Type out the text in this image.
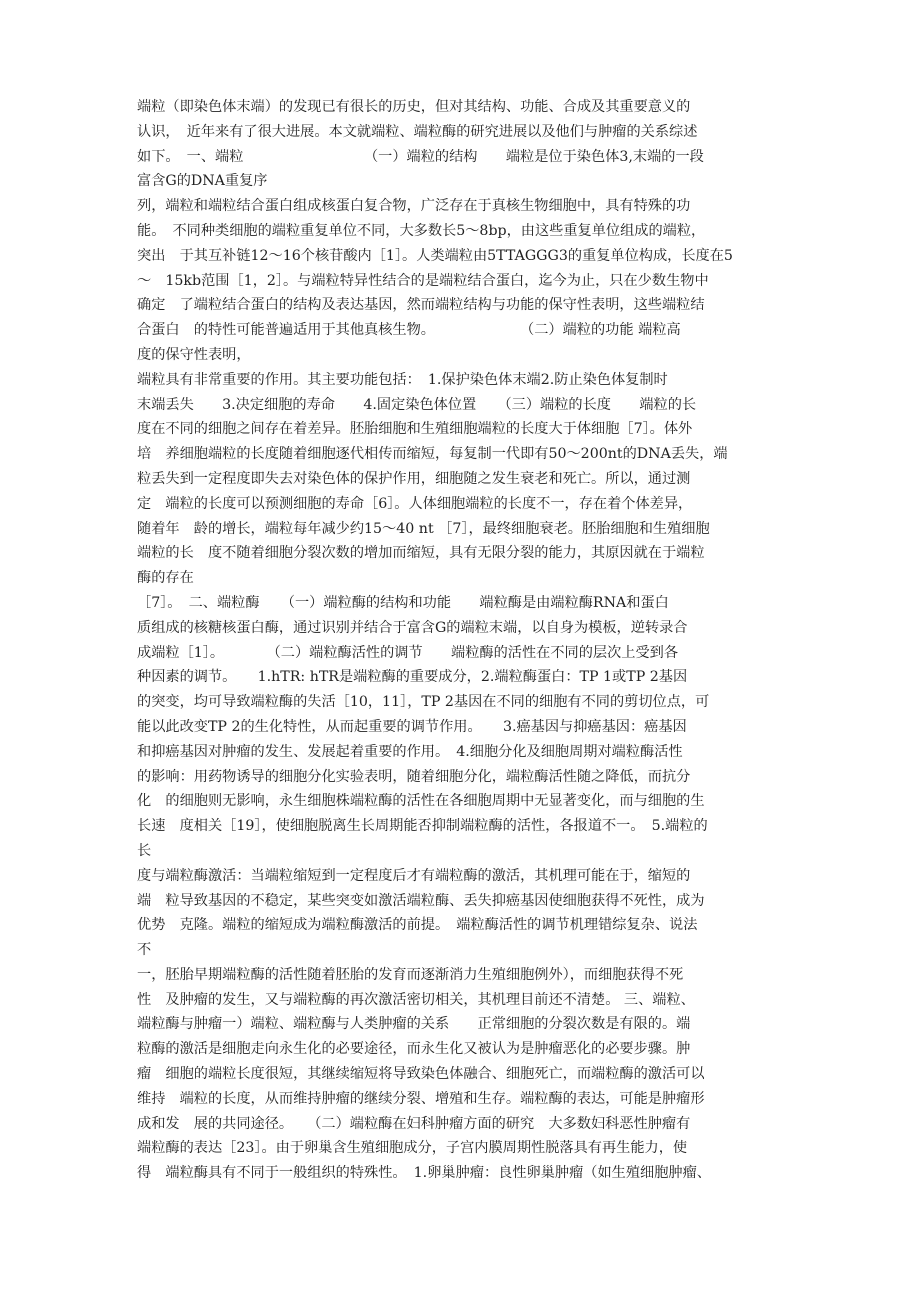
端粒（即染色体末端）的发现已有很长的历史，但对其结构、功能、合成及其重要意义的
认识，　近年来有了很大进展。本文就端粒、端粒酶的研究进展以及他们与肿瘤的关系综述
如下。　一、端粒　　　　　　　　　（一）端粒的结构　　端粒是位于染色体3,末端的一段
富含G的DNA重复序
列，端粒和端粒结合蛋白组成核蛋白复合物，广泛存在于真核生物细胞中，具有特殊的功
能。　不同种类细胞的端粒重复单位不同，大多数长5～8bp，由这些重复单位组成的端粒，
突出　于其互补链12～16个核苷酸内［1］。人类端粒由5TTAGGG3的重复单位构成，长度在5
～　15kb范围［1，2］。与端粒特异性结合的是端粒结合蛋白，迄今为止，只在少数生物中
确定　了端粒结合蛋白的结构及表达基因，然而端粒结构与功能的保守性表明，这些端粒结
合蛋白　的特性可能普遍适用于其他真核生物。　　　　　　　（二）端粒的功能 端粒高
度的保守性表明，
端粒具有非常重要的作用。其主要功能包括：　1.保护染色体末端2.防止染色体复制时
末端丢失　　3.决定细胞的寿命　　4.固定染色体位置　　（三）端粒的长度　　端粒的长
度在不同的细胞之间存在着差异。胚胎细胞和生殖细胞端粒的长度大于体细胞［7］。体外
培　养细胞端粒的长度随着细胞逐代相传而缩短，每复制一代即有50～200nt的DNA丢失，端
粒丢失到一定程度即失去对染色体的保护作用，细胞随之发生衰老和死亡。所以，通过测
定　端粒的长度可以预测细胞的寿命［6］。人体细胞端粒的长度不一，存在着个体差异，
随着年　龄的增长，端粒每年减少约15～40 nt ［7］，最终细胞衰老。胚胎细胞和生殖细胞
端粒的长　度不随着细胞分裂次数的增加而缩短，具有无限分裂的能力，其原因就在于端粒
酶的存在
［7］。　二、端粒酶　　（一）端粒酶的结构和功能　　端粒酶是由端粒酶RNA和蛋白
质组成的核糖核蛋白酶，通过识别并结合于富含G的端粒末端，以自身为模板，逆转录合
成端粒［1］。　　　　（二）端粒酶活性的调节　　端粒酶的活性在不同的层次上受到各
种因素的调节。　　1.hTR: hTR是端粒酶的重要成分，2.端粒酶蛋白：TP 1或TP 2基因
的突变，均可导致端粒酶的失活［10，11］，TP 2基因在不同的细胞有不同的剪切位点，可
能以此改变TP 2的生化特性，从而起重要的调节作用。　　3.癌基因与抑癌基因：癌基因
和抑癌基因对肿瘤的发生、发展起着重要的作用。　4.细胞分化及细胞周期对端粒酶活性
的影响：用药物诱导的细胞分化实验表明，随着细胞分化，端粒酶活性随之降低，而抗分
化　的细胞则无影响，永生细胞株端粒酶的活性在各细胞周期中无显著变化，而与细胞的生
长速　度相关［19］，使细胞脱离生长周期能否抑制端粒酶的活性，各报道不一。　5.端粒的
长
度与端粒酶激活：当端粒缩短到一定程度后才有端粒酶的激活，其机理可能在于，缩短的
端　粒导致基因的不稳定，某些突变如激活端粒酶、丢失抑癌基因使细胞获得不死性，成为
优势　克隆。端粒的缩短成为端粒酶激活的前提。　端粒酶活性的调节机理错综复杂、说法
不
一，胚胎早期端粒酶的活性随着胚胎的发育而逐渐消力生殖细胞例外），而细胞获得不死
性　及肿瘤的发生，又与端粒酶的再次激活密切相关，其机理目前还不清楚。 三、端粒、
端粒酶与肿瘤一）端粒、端粒酶与人类肿瘤的关系　　正常细胞的分裂次数是有限的。端
粒酶的激活是细胞走向永生化的必要途径，而永生化又被认为是肿瘤恶化的必要步骤。肿
瘤　细胞的端粒长度很短，其继续缩短将导致染色体融合、细胞死亡，而端粒酶的激活可以
维持　端粒的长度，从而维持肿瘤的继续分裂、增殖和生存。端粒酶的表达，可能是肿瘤形
成和发　展的共同途径。　　（二）端粒酶在妇科肿瘤方面的研究　大多数妇科恶性肿瘤有
端粒酶的表达［23］。由于卵巢含生殖细胞成分，子宫内膜周期性脱落具有再生能力，使
得　端粒酶具有不同于一般组织的特殊性。　1.卵巢肿瘤：良性卵巢肿瘤（如生殖细胞肿瘤、
